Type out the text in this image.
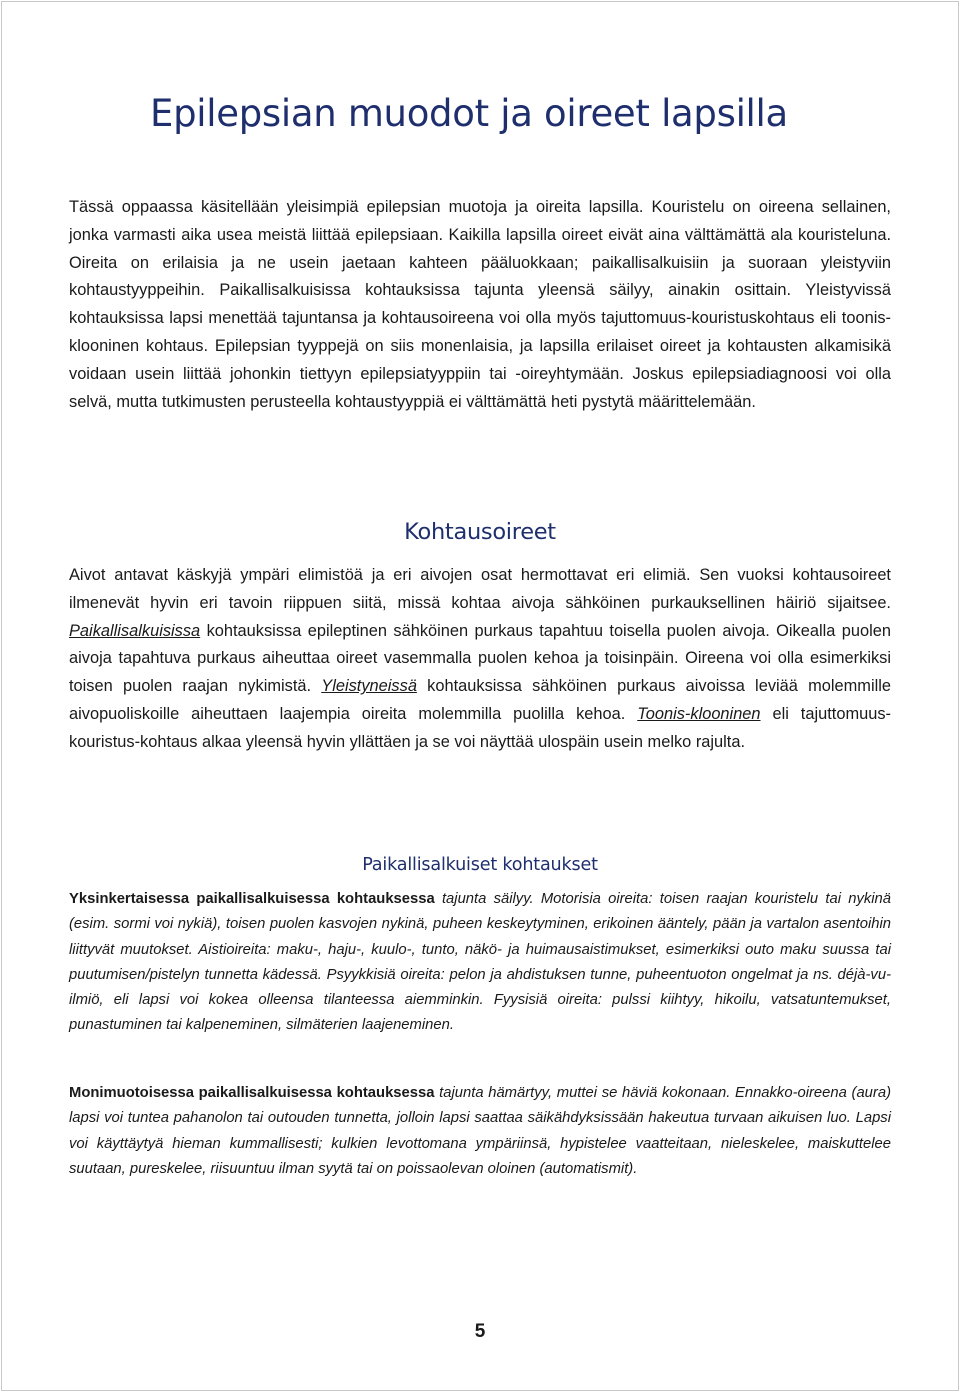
Epilepsian muodot ja oireet lapsilla

Tässä oppaassa käsitellään yleisimpiä epilepsian muotoja ja oireita lapsilla. Kouristelu on oireena sellainen, jonka varmasti aika usea meistä liittää epilepsiaan. Kaikilla lapsilla oireet eivät aina välttämättä ala kouristeluna. Oireita on erilaisia ja ne usein jaetaan kahteen pääluokkaan; paikallisalkuisiin ja suoraan yleistyviin kohtaustyyppeihin. Paikallisalkuisissa kohtauksissa tajunta yleensä säilyy, ainakin osittain. Yleistyvissä kohtauksissa lapsi menettää tajuntansa ja kohtausoireena voi olla myös tajuttomuus-kouristuskohtaus eli toonis-klooninen kohtaus. Epilepsian tyyppejä on siis monenlaisia, ja lapsilla erilaiset oireet ja kohtausten alkamisikä voidaan usein liittää johonkin tiettyyn epilepsiatyyppiin tai -oireyhtymään. Joskus epilepsiadiagnoosi voi olla selvä, mutta tutkimusten perusteella kohtaustyyppiä ei välttämättä heti pystytä määrittelemään.

Kohtausoireet

Aivot antavat käskyjä ympäri elimistöä ja eri aivojen osat hermottavat eri elimiä. Sen vuoksi kohtausoireet ilmenevät hyvin eri tavoin riippuen siitä, missä kohtaa aivoja sähköinen purkauksellinen häiriö sijaitsee. Paikallisalkuisissa kohtauksissa epileptinen sähköinen purkaus tapahtuu toisella puolen aivoja. Oikealla puolen aivoja tapahtuva purkaus aiheuttaa oireet vasemmalla puolen kehoa ja toisinpäin. Oireena voi olla esimerkiksi toisen puolen raajan nykimistä. Yleistyneissä kohtauksissa sähköinen purkaus aivoissa leviää molemmille aivopuoliskoille aiheuttaen laajempia oireita molemmilla puolilla kehoa. Toonis-klooninen eli tajuttomuus-kouristus-kohtaus alkaa yleensä hyvin yllättäen ja se voi näyttää ulospäin usein melko rajulta.

Paikallisalkuiset kohtaukset

Yksinkertaisessa paikallisalkuisessa kohtauksessa tajunta säilyy. Motorisia oireita: toisen raajan kouristelu tai nykinä (esim. sormi voi nykiä), toisen puolen kasvojen nykinä, puheen keskeytyminen, erikoinen ääntely, pään ja vartalon asentoihin liittyvät muutokset. Aistioireita: maku-, haju-, kuulo-, tunto, näkö- ja huimausaistimukset, esimerkiksi outo maku suussa tai puutumisen/pistelyn tunnetta kädessä. Psyykkisiä oireita: pelon ja ahdistuksen tunne, puheentuoton ongelmat ja ns. déjà-vu-ilmiö, eli lapsi voi kokea olleensa tilanteessa aiemminkin. Fyysisiä oireita: pulssi kiihtyy, hikoilu, vatsatuntemukset, punastuminen tai kalpeneminen, silmäterien laajeneminen.

Monimuotoisessa paikallisalkuisessa kohtauksessa tajunta hämärtyy, muttei se häviä kokonaan. Ennakko-oireena (aura) lapsi voi tuntea pahanolon tai outouden tunnetta, jolloin lapsi saattaa säikähdyksissään hakeutua turvaan aikuisen luo. Lapsi voi käyttäytyä hieman kummallisesti; kulkien levottomana ympäriinsä, hypistelee vaatteitaan, nieleskelee, maiskuttelee suutaan, pureskelee, riisuuntuu ilman syytä tai on poissaolevan oloinen (automatismit).

5
